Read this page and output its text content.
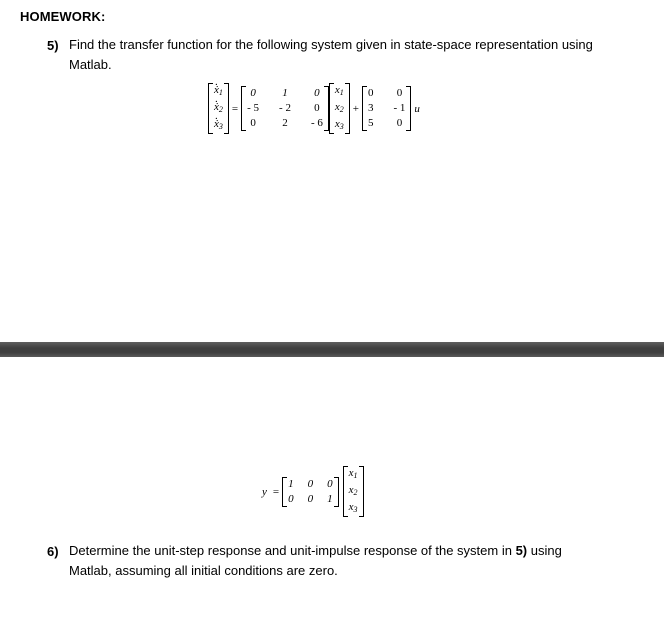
HOMEWORK:
5) Find the transfer function for the following system given in state-space representation using
Matlab.
. ẋ$_1$
. ẋ$_2$
. ẋ$_3$
=
0	1	0
- 5	- 2	0
0	2	- 6
$x_1$
$x_2$
$x_3$
+
0	0
3	- 1
5	0
u
y =
1	0	0
0	0	1
$x_1$
$x_2$
$x_3$
6) Determine the unit-step response and unit-impulse response of the system in 5) using
Matlab, assuming all initial conditions are zero.
